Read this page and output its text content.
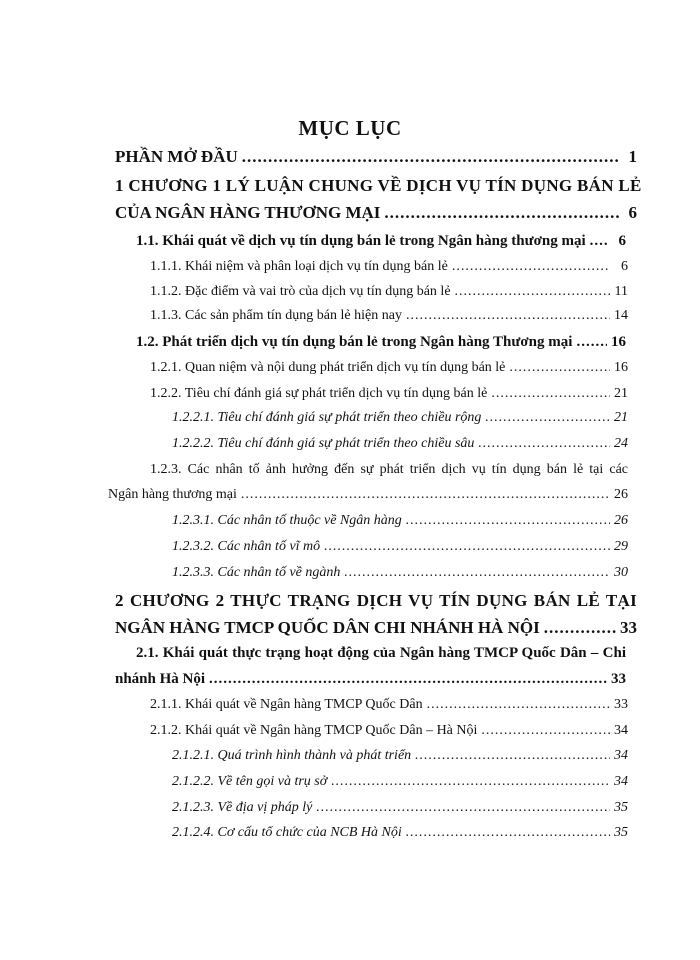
MỤC LỤC
PHẦN MỞ ĐẦU .....	1
1 CHƯƠNG 1 LÝ LUẬN CHUNG VỀ DỊCH VỤ TÍN DỤNG BÁN LẺ
CỦA NGÂN HÀNG THƯƠNG MẠI .....	6
1.1. Khái quát về dịch vụ tín dụng bán lẻ trong Ngân hàng thương mại .....	6
1.1.1. Khái niệm và phân loại dịch vụ tín dụng bán lẻ .....	6
1.1.2. Đặc điểm và vai trò của dịch vụ tín dụng bán lẻ .....	11
1.1.3. Các sản phẩm tín dụng bán lẻ hiện nay .....	14
1.2. Phát triển dịch vụ tín dụng bán lẻ trong Ngân hàng Thương mại .....	16
1.2.1. Quan niệm và nội dung phát triển dịch vụ tín dụng bán lẻ .....	16
1.2.2. Tiêu chí đánh giá sự phát triển dịch vụ tín dụng bán lẻ .....	21
1.2.2.1. Tiêu chí đánh giá sự phát triển theo chiều rộng .....	21
1.2.2.2. Tiêu chí đánh giá sự phát triển theo chiều sâu .....	24
1.2.3. Các nhân tố ảnh hưởng đến sự phát triển dịch vụ tín dụng bán lẻ tại các
Ngân hàng thương mại .....	26
1.2.3.1. Các nhân tố thuộc về Ngân hàng .....	26
1.2.3.2. Các nhân tố vĩ mô .....	29
1.2.3.3. Các nhân tố về ngành .....	30
2 CHƯƠNG 2 THỰC TRẠNG DỊCH VỤ TÍN DỤNG BÁN LẺ TẠI
NGÂN HÀNG TMCP QUỐC DÂN CHI NHÁNH HÀ NỘI .....	33
2.1. Khái quát thực trạng hoạt động của Ngân hàng TMCP Quốc Dân – Chi
nhánh Hà Nội .....	33
2.1.1. Khái quát về Ngân hàng TMCP Quốc Dân .....	33
2.1.2. Khái quát về Ngân hàng TMCP Quốc Dân – Hà Nội .....	34
2.1.2.1. Quá trình hình thành và phát triển .....	34
2.1.2.2. Về tên gọi và trụ sở .....	34
2.1.2.3. Về địa vị pháp lý .....	35
2.1.2.4. Cơ cấu tổ chức của NCB Hà Nội .....	35
